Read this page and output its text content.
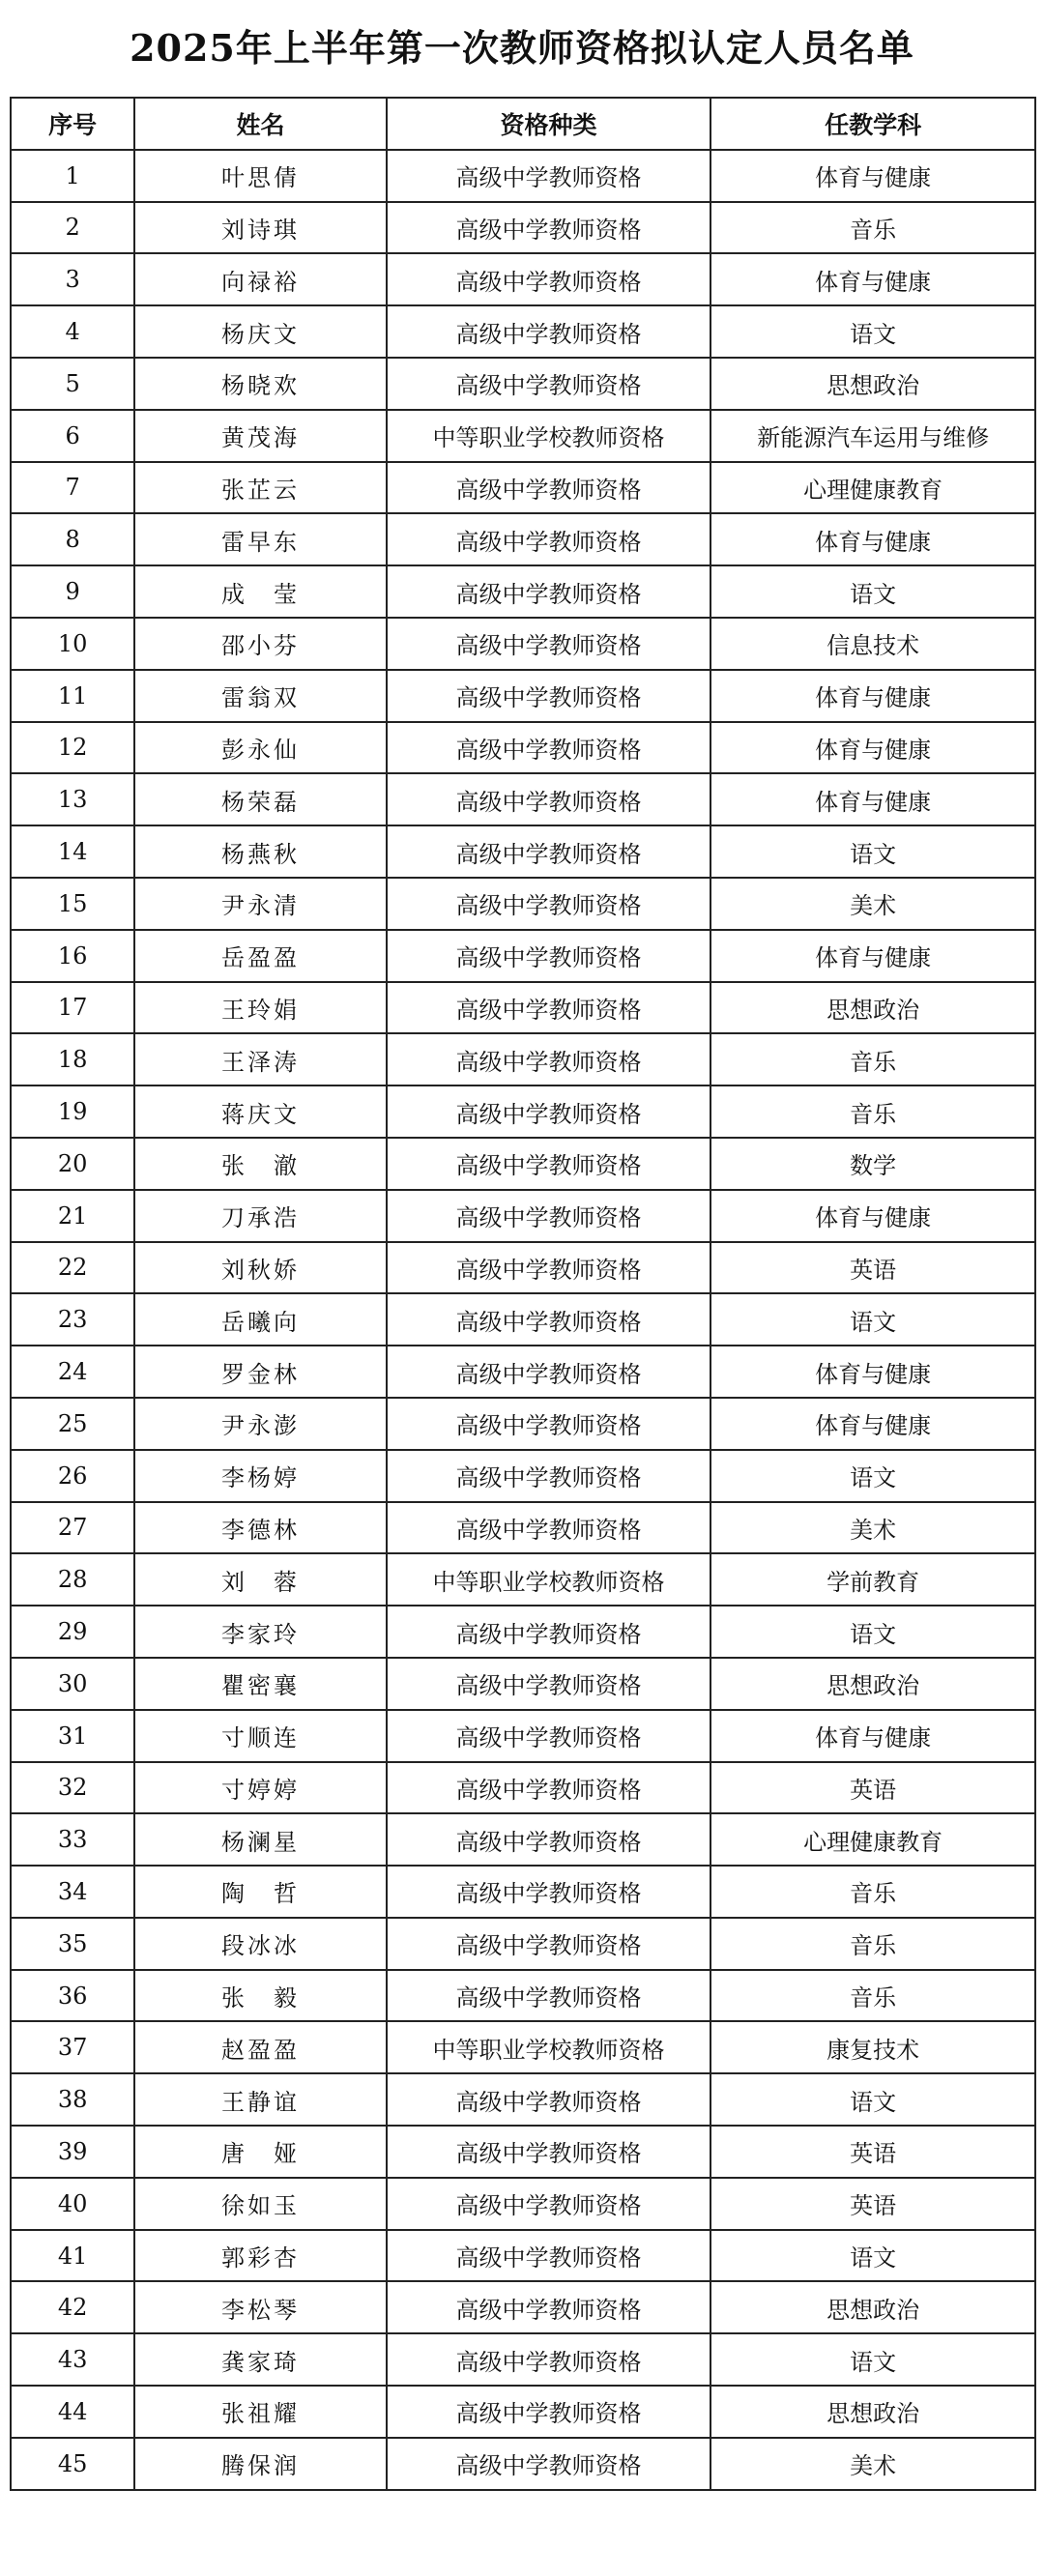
2025年上半年第一次教师资格拟认定人员名单
序号	姓名	资格种类	任教学科
1	叶思倩	高级中学教师资格	体育与健康
2	刘诗琪	高级中学教师资格	音乐
3	向禄裕	高级中学教师资格	体育与健康
4	杨庆文	高级中学教师资格	语文
5	杨晓欢	高级中学教师资格	思想政治
6	黄茂海	中等职业学校教师资格	新能源汽车运用与维修
7	张芷云	高级中学教师资格	心理健康教育
8	雷早东	高级中学教师资格	体育与健康
9	成　莹	高级中学教师资格	语文
10	邵小芬	高级中学教师资格	信息技术
11	雷翁双	高级中学教师资格	体育与健康
12	彭永仙	高级中学教师资格	体育与健康
13	杨荣磊	高级中学教师资格	体育与健康
14	杨燕秋	高级中学教师资格	语文
15	尹永清	高级中学教师资格	美术
16	岳盈盈	高级中学教师资格	体育与健康
17	王玲娟	高级中学教师资格	思想政治
18	王泽涛	高级中学教师资格	音乐
19	蒋庆文	高级中学教师资格	音乐
20	张　澈	高级中学教师资格	数学
21	刀承浩	高级中学教师资格	体育与健康
22	刘秋娇	高级中学教师资格	英语
23	岳曦向	高级中学教师资格	语文
24	罗金林	高级中学教师资格	体育与健康
25	尹永澎	高级中学教师资格	体育与健康
26	李杨婷	高级中学教师资格	语文
27	李德林	高级中学教师资格	美术
28	刘　蓉	中等职业学校教师资格	学前教育
29	李家玲	高级中学教师资格	语文
30	瞿密襄	高级中学教师资格	思想政治
31	寸顺连	高级中学教师资格	体育与健康
32	寸婷婷	高级中学教师资格	英语
33	杨澜星	高级中学教师资格	心理健康教育
34	陶　哲	高级中学教师资格	音乐
35	段冰冰	高级中学教师资格	音乐
36	张　毅	高级中学教师资格	音乐
37	赵盈盈	中等职业学校教师资格	康复技术
38	王静谊	高级中学教师资格	语文
39	唐　娅	高级中学教师资格	英语
40	徐如玉	高级中学教师资格	英语
41	郭彩杏	高级中学教师资格	语文
42	李松琴	高级中学教师资格	思想政治
43	龚家琦	高级中学教师资格	语文
44	张祖耀	高级中学教师资格	思想政治
45	腾保润	高级中学教师资格	美术
